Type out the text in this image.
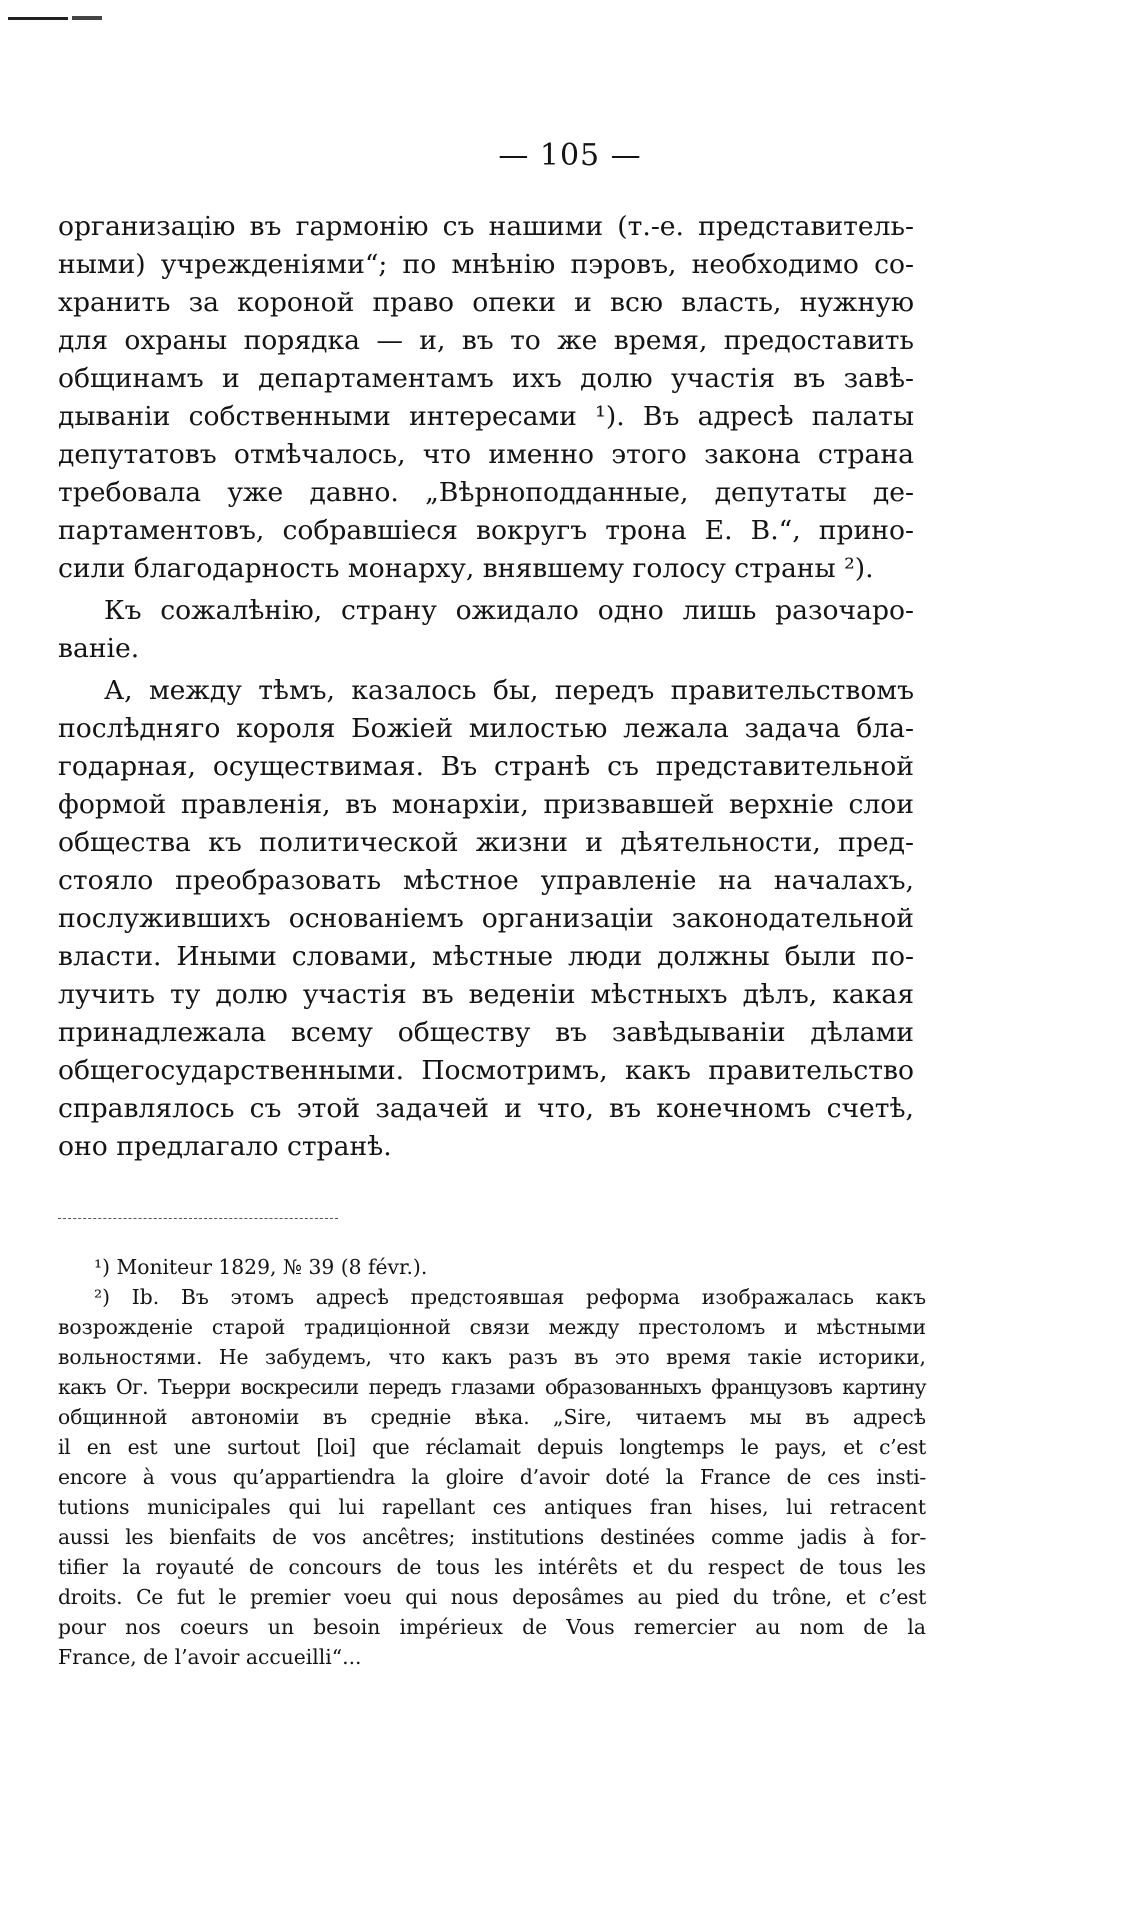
— 105 —
организацію въ гармонію съ нашими (т.-е. представитель-
ными) учрежденіями“; по мнѣнію пэровъ, необходимо со-
хранить за короной право опеки и всю власть, нужную
для охраны порядка — и, въ то же время, предоставить
общинамъ и департаментамъ ихъ долю участія въ завѣ-
дываніи собственными интересами ¹). Въ адресѣ палаты
депутатовъ отмѣчалось, что именно этого закона страна
требовала уже давно. „Вѣрноподданные, депутаты де-
партаментовъ, собравшіеся вокругъ трона Е. В.“, прино-
сили благодарность монарху, внявшему голосу страны ²).
Къ сожалѣнію, страну ожидало одно лишь разочаро-
ваніе.
А, между тѣмъ, казалось бы, передъ правительствомъ
послѣдняго короля Божіей милостью лежала задача бла-
годарная, осуществимая. Въ странѣ съ представительной
формой правленія, въ монархіи, призвавшей верхніе слои
общества къ политической жизни и дѣятельности, пред-
стояло преобразовать мѣстное управленіе на началахъ,
послужившихъ основаніемъ организаціи законодательной
власти. Иными словами, мѣстные люди должны были по-
лучить ту долю участія въ веденіи мѣстныхъ дѣлъ, какая
принадлежала всему обществу въ завѣдываніи дѣлами
общегосударственными. Посмотримъ, какъ правительство
справлялось съ этой задачей и что, въ конечномъ счетѣ,
оно предлагало странѣ.
¹) Moniteur 1829, № 39 (8 févr.).
²) Ib. Въ этомъ адресѣ предстоявшая реформа изображалась какъ
возрожденіе старой традиціонной связи между престоломъ и мѣстными
вольностями. Не забудемъ, что какъ разъ въ это время такіе историки,
какъ Ог. Тьерри воскресили передъ глазами образованныхъ французовъ картину
общинной автономіи въ средніе вѣка. „Sire, читаемъ мы въ адресѣ
il en est une surtout [loi] que réclamait depuis longtemps le pays, et c’est
encore à vous qu’appartiendra la gloire d’avoir doté la France de ces insti-
tutions municipales qui lui rapellant ces antiques fran hises, lui retracent
aussi les bienfaits de vos ancêtres; institutions destinées comme jadis à for-
tifier la royauté de concours de tous les intérêts et du respect de tous les
droits. Ce fut le premier voeu qui nous deposâmes au pied du trône, et c’est
pour nos coeurs un besoin impérieux de Vous remercier au nom de la
France, de l’avoir accueilli“...
